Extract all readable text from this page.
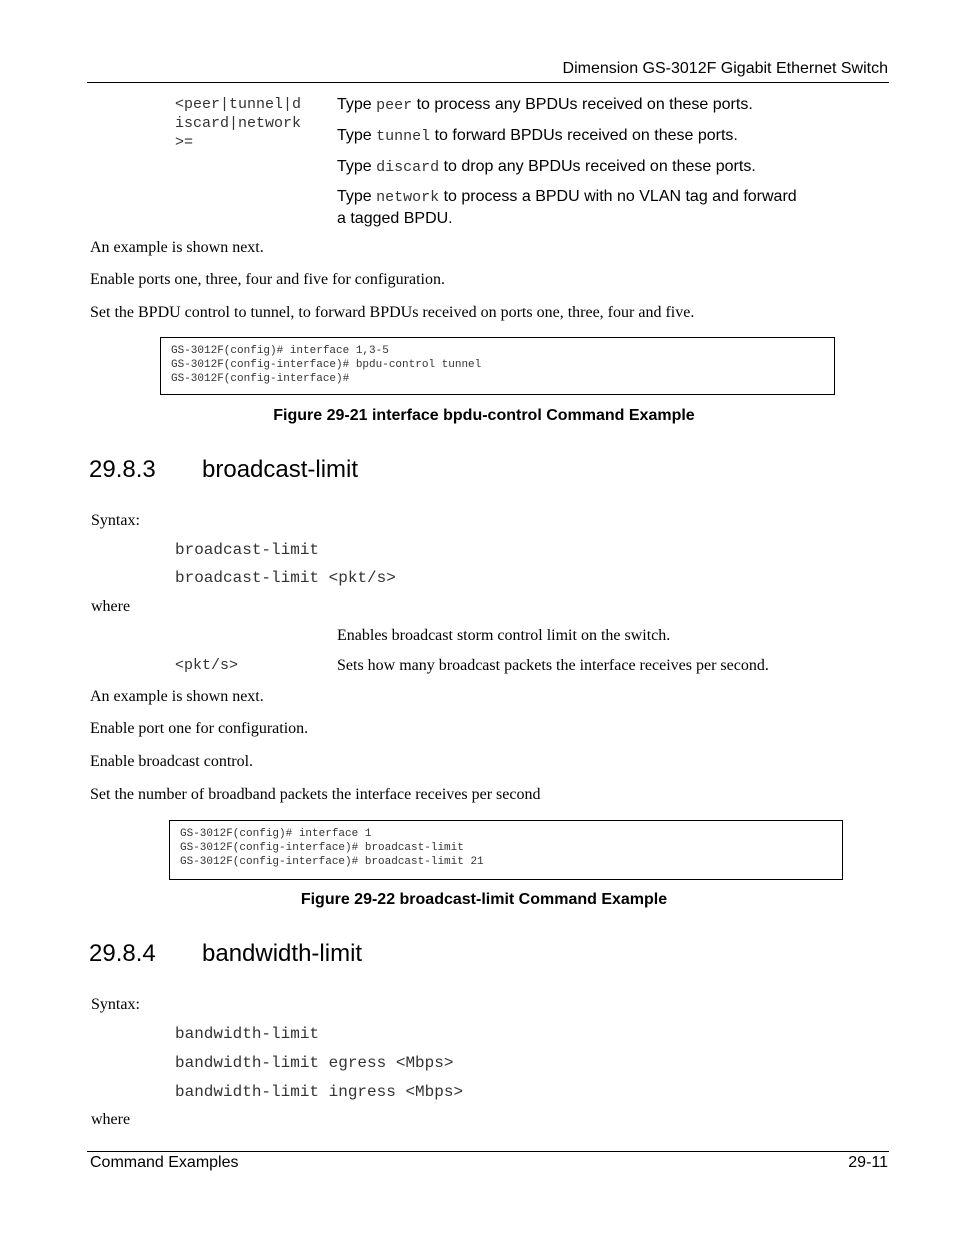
Dimension GS-3012F Gigabit Ethernet Switch
<peer|tunnel|d
iscard|network
>=
Type peer to process any BPDUs received on these ports.
Type tunnel to forward BPDUs received on these ports.
Type discard to drop any BPDUs received on these ports.
Type network to process a BPDU with no VLAN tag and forward a tagged BPDU.
An example is shown next.
Enable ports one, three, four and five for configuration.
Set the BPDU control to tunnel, to forward BPDUs received on ports one, three, four and five.
GS-3012F(config)# interface 1,3-5
GS-3012F(config-interface)# bpdu-control tunnel
GS-3012F(config-interface)#
Figure 29-21 interface bpdu-control Command Example
29.8.3 broadcast-limit
Syntax:
broadcast-limit
broadcast-limit <pkt/s>
where
Enables broadcast storm control limit on the switch.
<pkt/s>	Sets how many broadcast packets the interface receives per second.
An example is shown next.
Enable port one for configuration.
Enable broadcast control.
Set the number of broadband packets the interface receives per second
GS-3012F(config)# interface 1
GS-3012F(config-interface)# broadcast-limit
GS-3012F(config-interface)# broadcast-limit 21
Figure 29-22 broadcast-limit Command Example
29.8.4 bandwidth-limit
Syntax:
bandwidth-limit
bandwidth-limit egress <Mbps>
bandwidth-limit ingress <Mbps>
where
Command Examples	29-11
